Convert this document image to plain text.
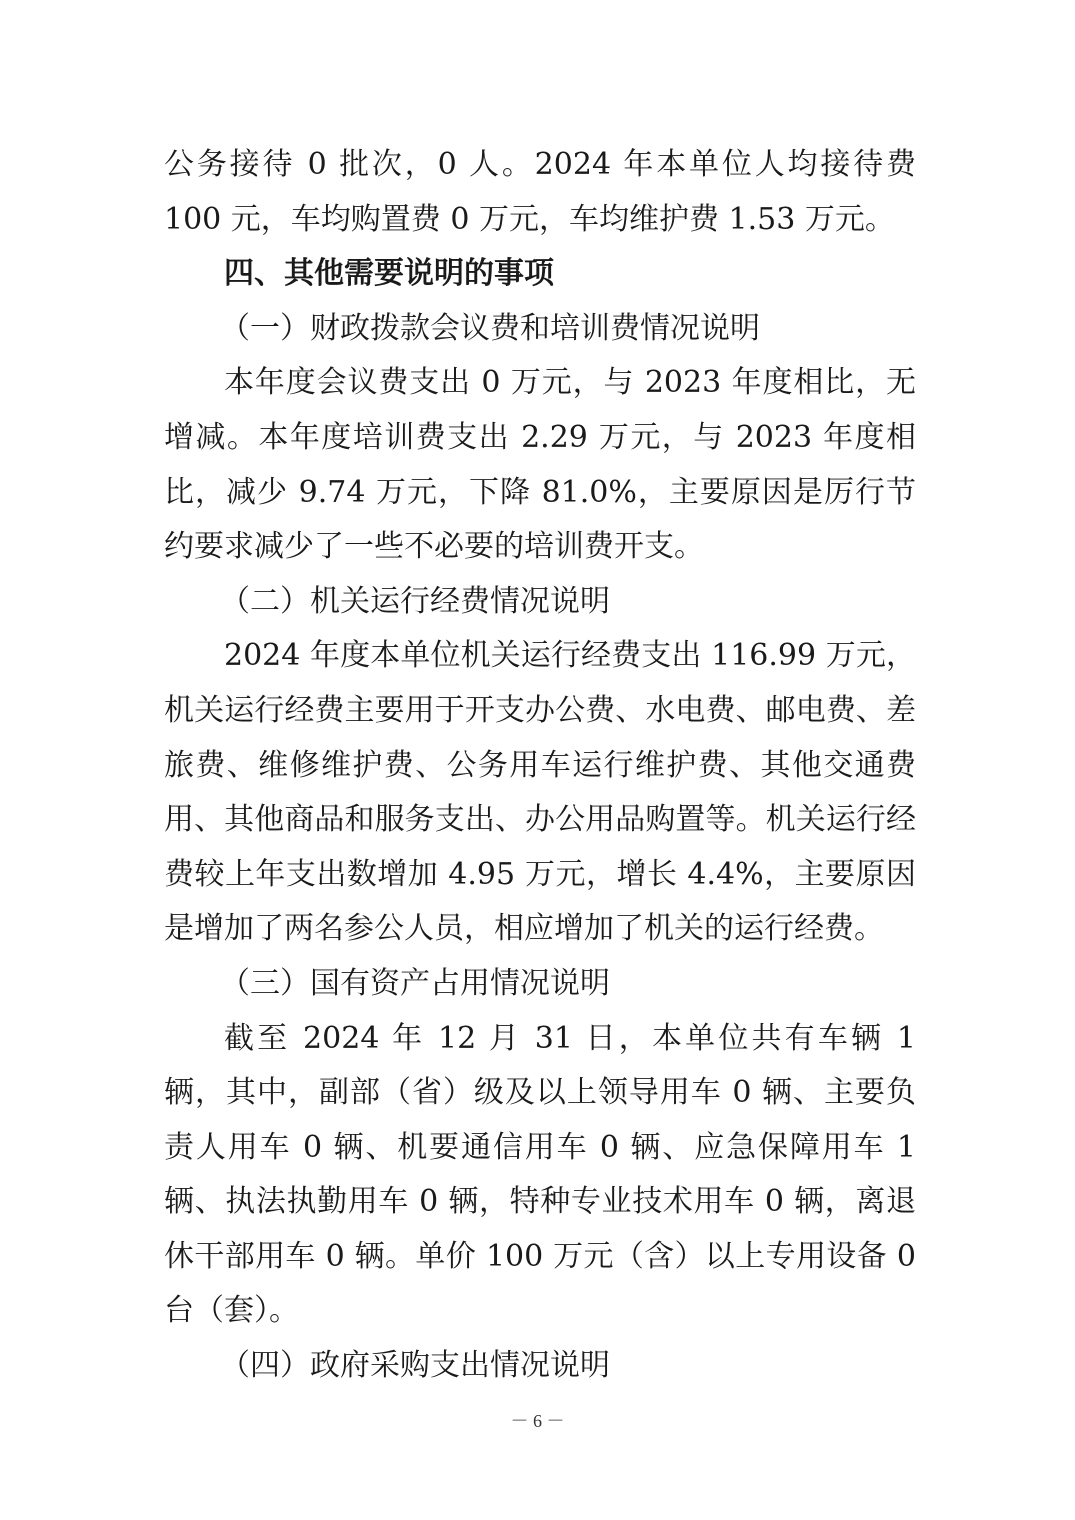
公务接待 0 批次，0 人。2024 年本单位人均接待费 100 元，车均购置费 0 万元，车均维护费 1.53 万元。

四、其他需要说明的事项

（一）财政拨款会议费和培训费情况说明

本年度会议费支出 0 万元，与 2023 年度相比，无增减。本年度培训费支出 2.29 万元，与 2023 年度相比，减少 9.74 万元，下降 81.0%，主要原因是厉行节约要求减少了一些不必要的培训费开支。

（二）机关运行经费情况说明

2024 年度本单位机关运行经费支出 116.99 万元，机关运行经费主要用于开支办公费、水电费、邮电费、差旅费、维修维护费、公务用车运行维护费、其他交通费用、其他商品和服务支出、办公用品购置等。机关运行经费较上年支出数增加 4.95 万元，增长 4.4%，主要原因是增加了两名参公人员，相应增加了机关的运行经费。

（三）国有资产占用情况说明

截至 2024 年 12 月 31 日，本单位共有车辆 1 辆，其中，副部（省）级及以上领导用车 0 辆、主要负责人用车 0 辆、机要通信用车 0 辆、应急保障用车 1 辆、执法执勤用车 0 辆，特种专业技术用车 0 辆，离退休干部用车 0 辆。单价 100 万元（含）以上专用设备 0 台（套）。

（四）政府采购支出情况说明

－ 6 －
